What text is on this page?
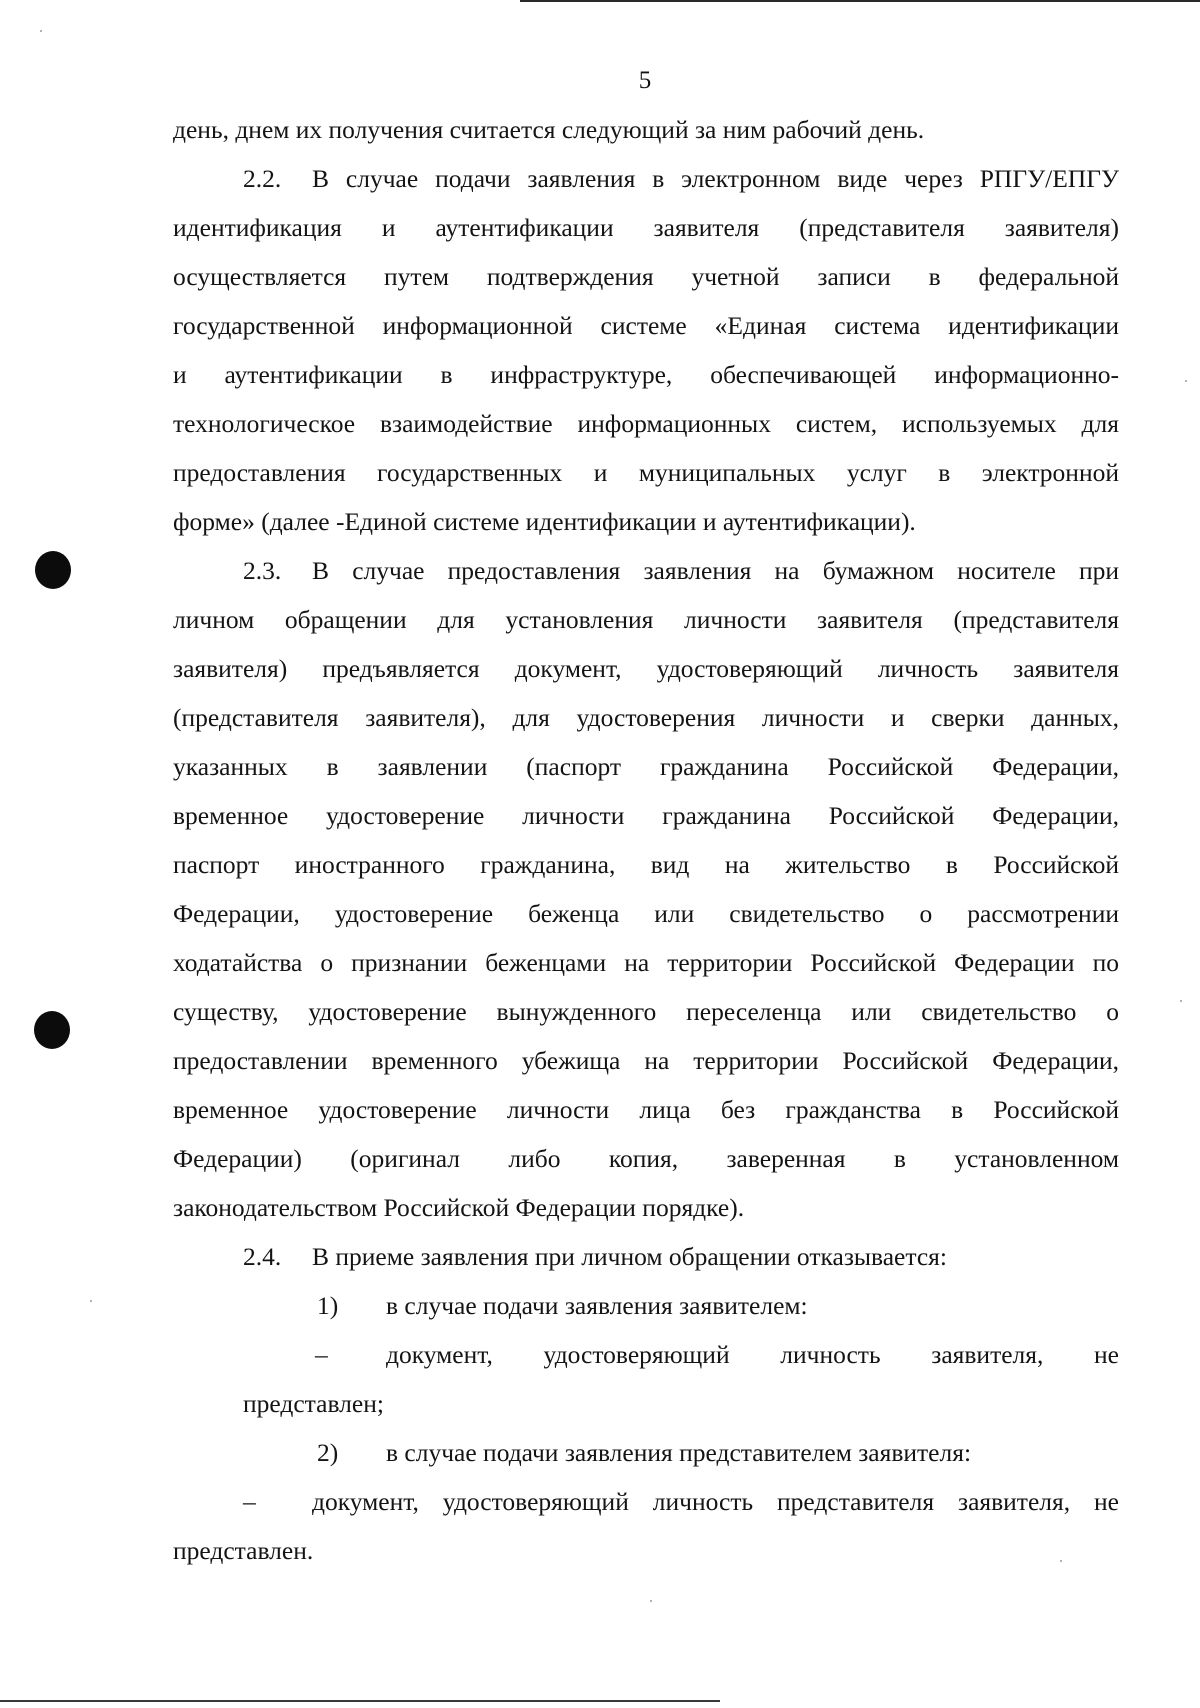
5
день, днем их получения считается следующий за ним рабочий день.
2.2. В случае подачи заявления в электронном виде через РПГУ/ЕПГУ
идентификация и аутентификации заявителя (представителя заявителя)
осуществляется путем подтверждения учетной записи в федеральной
государственной информационной системе «Единая система идентификации
и аутентификации в инфраструктуре, обеспечивающей информационно-
технологическое взаимодействие информационных систем, используемых для
предоставления государственных и муниципальных услуг в электронной
форме» (далее -Единой системе идентификации и аутентификации).
2.3. В случае предоставления заявления на бумажном носителе при
личном обращении для установления личности заявителя (представителя
заявителя) предъявляется документ, удостоверяющий личность заявителя
(представителя заявителя), для удостоверения личности и сверки данных,
указанных в заявлении (паспорт гражданина Российской Федерации,
временное удостоверение личности гражданина Российской Федерации,
паспорт иностранного гражданина, вид на жительство в Российской
Федерации, удостоверение беженца или свидетельство о рассмотрении
ходатайства о признании беженцами на территории Российской Федерации по
существу, удостоверение вынужденного переселенца или свидетельство о
предоставлении временного убежища на территории Российской Федерации,
временное удостоверение личности лица без гражданства в Российской
Федерации) (оригинал либо копия, заверенная в установленном
законодательством Российской Федерации порядке).
2.4. В приеме заявления при личном обращении отказывается:
1) в случае подачи заявления заявителем:
– документ, удостоверяющий личность заявителя, не
представлен;
2) в случае подачи заявления представителем заявителя:
– документ, удостоверяющий личность представителя заявителя, не
представлен.
